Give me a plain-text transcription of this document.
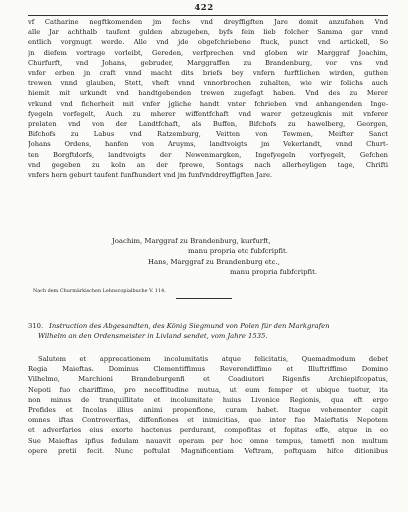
422
vf Catharine negftkomenden jm fechs vnd dreyffigften Jare domit anzufahen Vnd
alle Jar achthalb taufent gulden abzugeben, byfs fein lieb folcher Samma gar vnnd
entlich vorgnugt werde. Alle vnd jde obgefchriebene ftuck, punct vnd artickell, So
jn diefem vortrage vorleibt, Gereden, verfprechen vnd globen wir Marggraf Joachim,
Churfurft, vnd Johans, gebruder, Marggraffen zu Brandenburg, vor vns vnd
vnfer erben jn craft vnnd macht dits briefs bey vnfern furftlichen wirden, guthen
trewen vnnd glauben, Stett, vheft vnnd vnnorbrochen zuhalten, wie wir folichs auch
hiemit mit urkundt vnd handtgebenden trewen zugefagt haben. Vnd des zu Merer
vrkund vnd ficherheit mit vnfer jgliche handt vnter fchrieben vnd anhangenden Inge-
fyegeln vorfegelt, Auch zu mherer wiffentfchaft vnd warer getzeugknis mit vnferer
prelaten vnd von der Landtfchaft, als Buffen, Bifchofs zu hawelberg, Georgen,
Bifchofs zu Labus vnd Ratzemburg, Veitten von Tewmen, Meifter Sanct
Johans Ordens, hanfen von Aruyms, landtvoigts jm Vekerlandt, vnnd Churt-
ten Borgftdorfs, landtvoigts der Newenmargken, Ingefyegeln vorfyegelt, Gefchen
vnd gegeben zu koln an der fprewe, Sontags nach allerheyligen tage, Chrifti
vnfers hern geburt taufent funfhundert vnd jm funfvnddreyffigften Jare.
Joachim, Marggraf zu Brandenburg, kurfurft,
manu propria etc fubfcripfit.
Hans, Marggraf zu Brandenburg etc.,
manu propria fubfcripfit.
Nach dem Churmärkischen Lehnscopialbuche V. 114.
310. Instruction des Abgesandten, des König Siegmund von Polen für den Markgrafen
Wilhelm an den Ordensmeister in Livland sendet, vom Jahre 1535.
Salutem et apprecationem incolumitatis atque felicitatis, Quemadmodum debet
Regia Maieftas. Dominus Clementiffimus Reverendiffimo et Illuftriffimo Domino
Vilhelmo, Marchioni Brandeburgenfi et Coadiutori Rigenfis Archiepifcopatus,
Nepoti fuo chariffimo, pro neceffitudine mutua, ut eum femper et ubique tuetur, ita
non minus de tranquillitate et incolumitate huius Livonice Regionis, qua eft ergo
Prefides et Incolas illius animi propenfione, curam habet. Itaque vehementer capit
omnes iftas Controverfias, diffenfiones et inimicitias, que inter fue Maieftatis Nepotem
et adverfarios eius exorte hactenus perdurant, compofitas et fopitas effe, atque in eo
Sue Maieftas ipfius fedulam nauavit operam per hoc omne tempus, tametfi non multum
opere pretii fecit. Nunc poftulat Magnificentiam Veftram, poftquam hifce ditionibus
